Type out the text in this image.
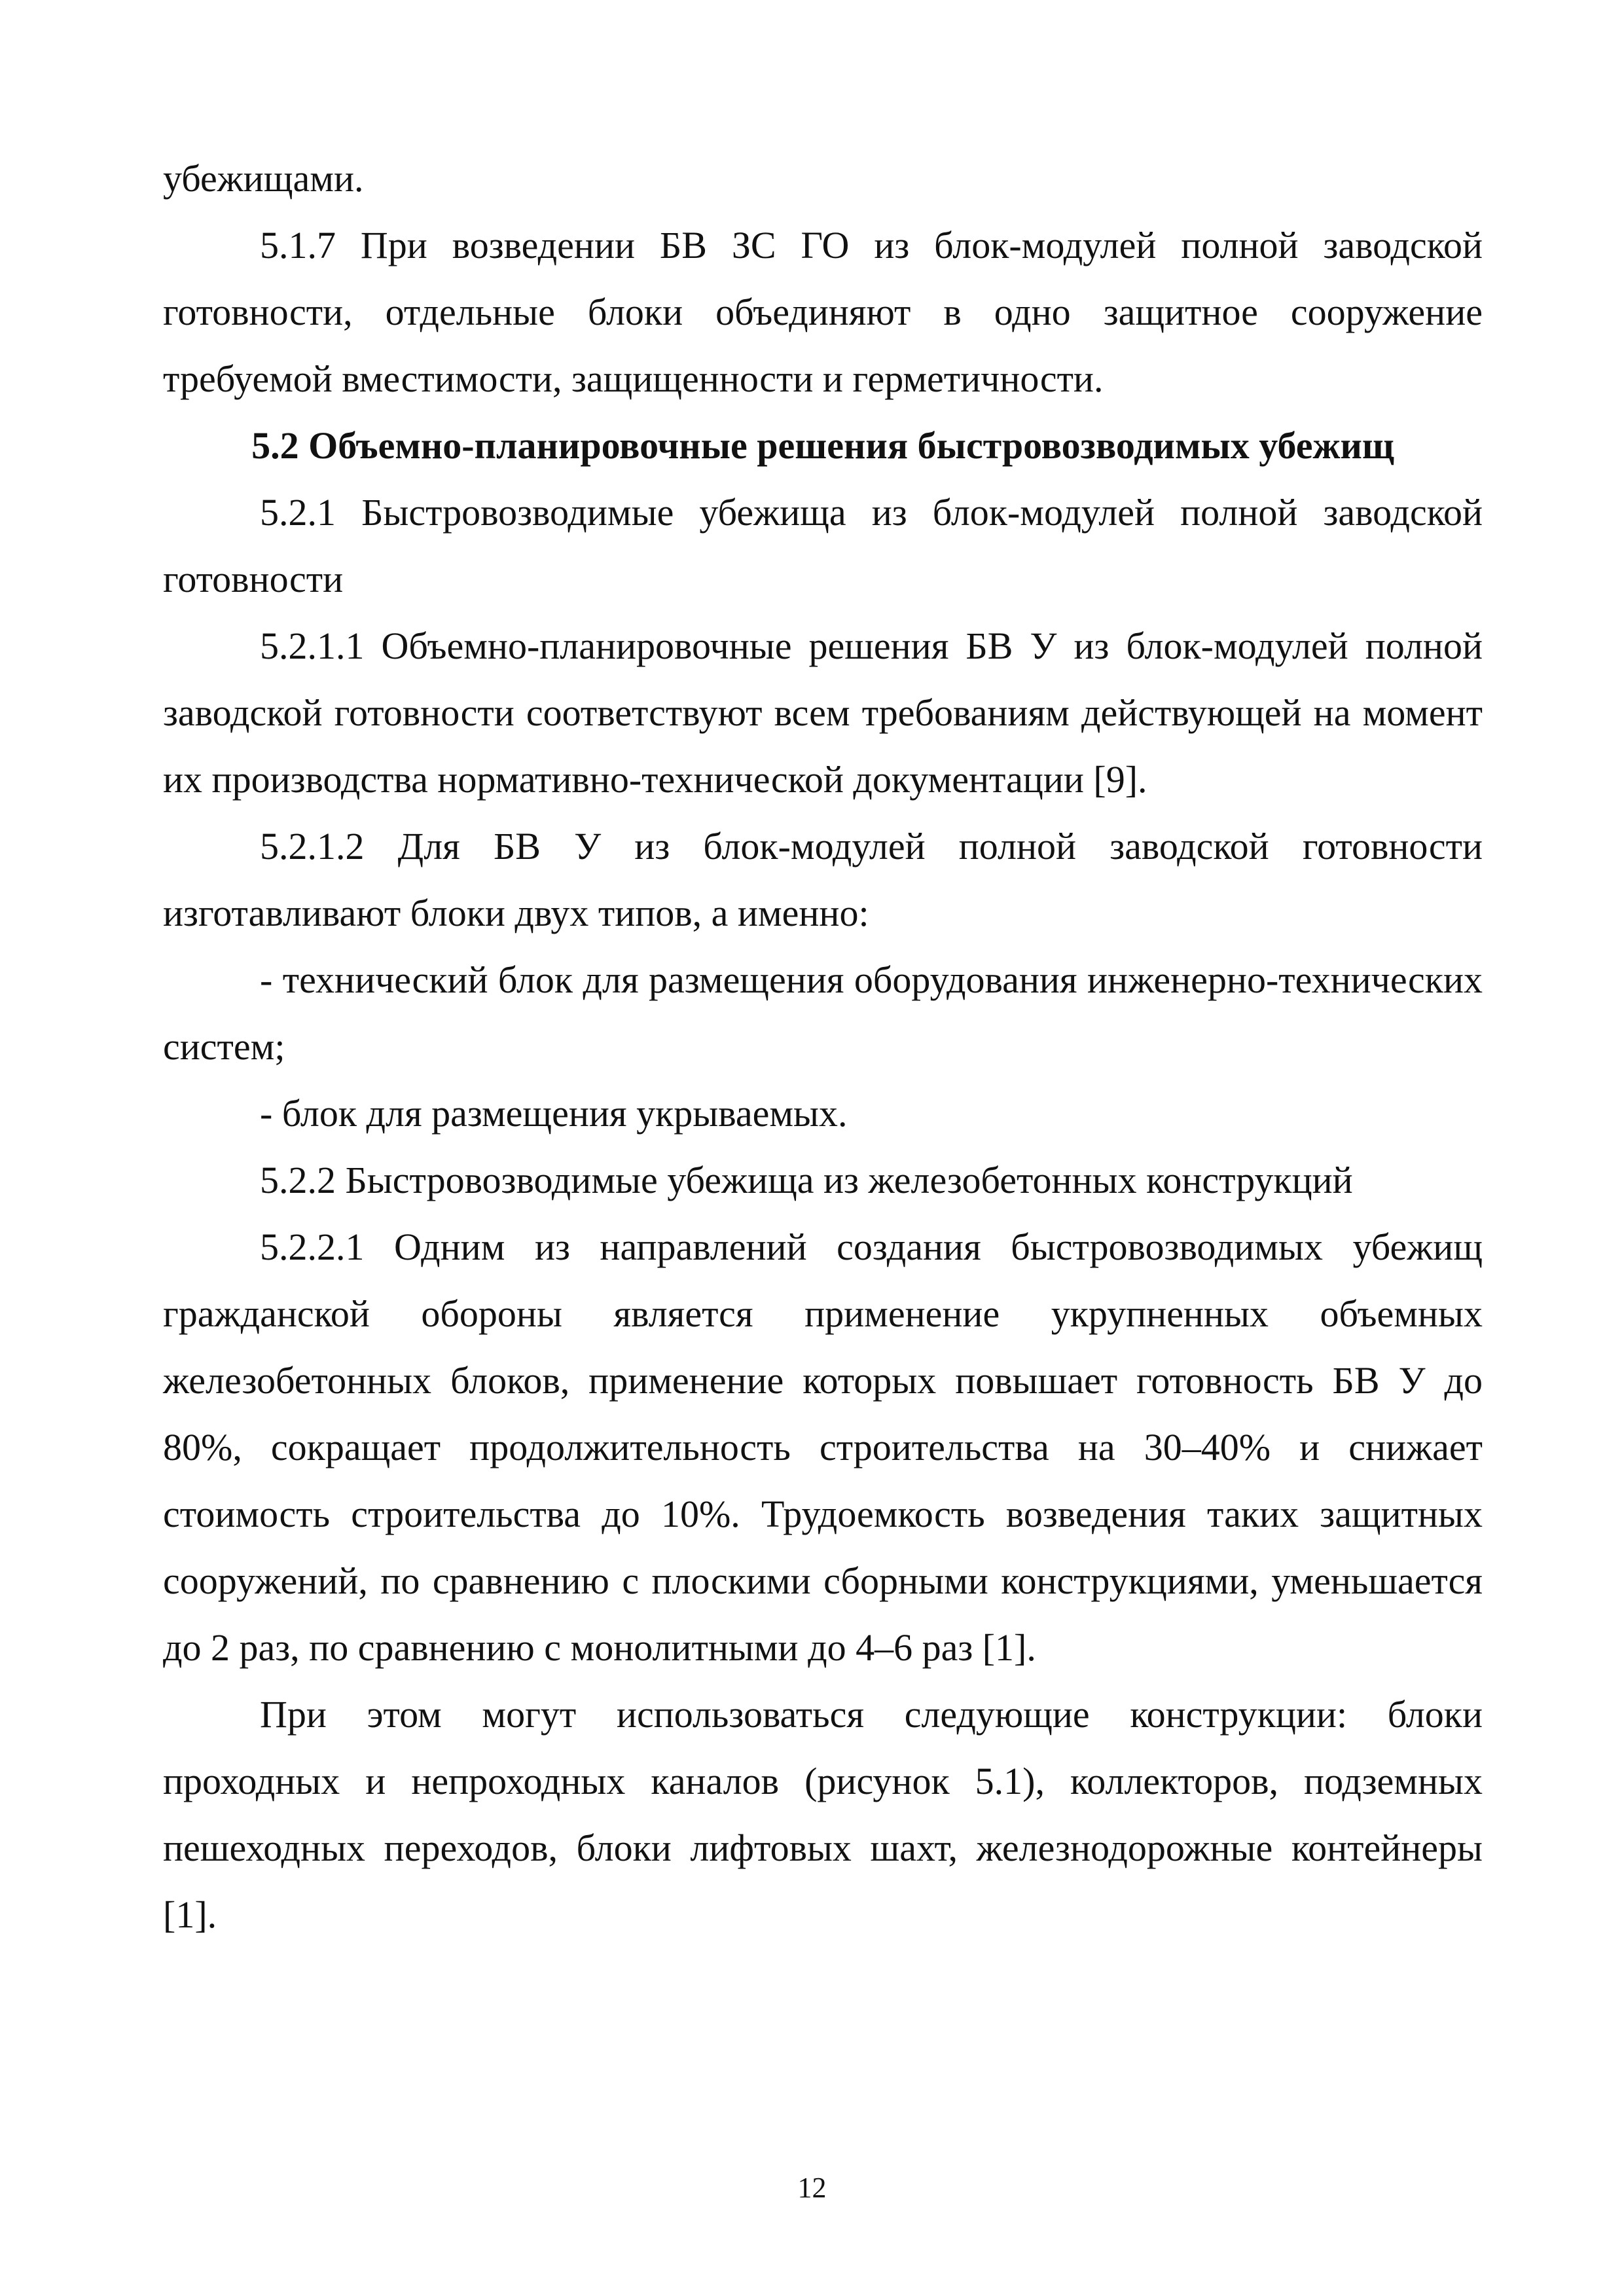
убежищами.

5.1.7 При возведении БВ ЗС ГО из блок-модулей полной заводской готовности, отдельные блоки объединяют в одно защитное сооружение требуемой вместимости, защищенности и герметичности.

5.2 Объемно-планировочные решения быстровозводимых убежищ

5.2.1 Быстровозводимые убежища из блок-модулей полной заводской готовности

5.2.1.1 Объемно-планировочные решения БВ У из блок-модулей полной заводской готовности соответствуют всем требованиям действующей на момент их производства нормативно-технической документации [9].

5.2.1.2 Для БВ У из блок-модулей полной заводской готовности изготавливают блоки двух типов, а именно:

- технический блок для размещения оборудования инженерно-технических систем;

- блок для размещения укрываемых.

5.2.2 Быстровозводимые убежища из железобетонных конструкций

5.2.2.1 Одним из направлений создания быстровозводимых убежищ гражданской обороны является применение укрупненных объемных железобетонных блоков, применение которых повышает готовность БВ У до 80%, сокращает продолжительность строительства на 30–40% и снижает стоимость строительства до 10%. Трудоемкость возведения таких защитных сооружений, по сравнению с плоскими сборными конструкциями, уменьшается до 2 раз, по сравнению с монолитными до 4–6 раз [1].

При этом могут использоваться следующие конструкции: блоки проходных и непроходных каналов (рисунок 5.1), коллекторов, подземных пешеходных переходов, блоки лифтовых шахт, железнодорожные контейнеры [1].

12
